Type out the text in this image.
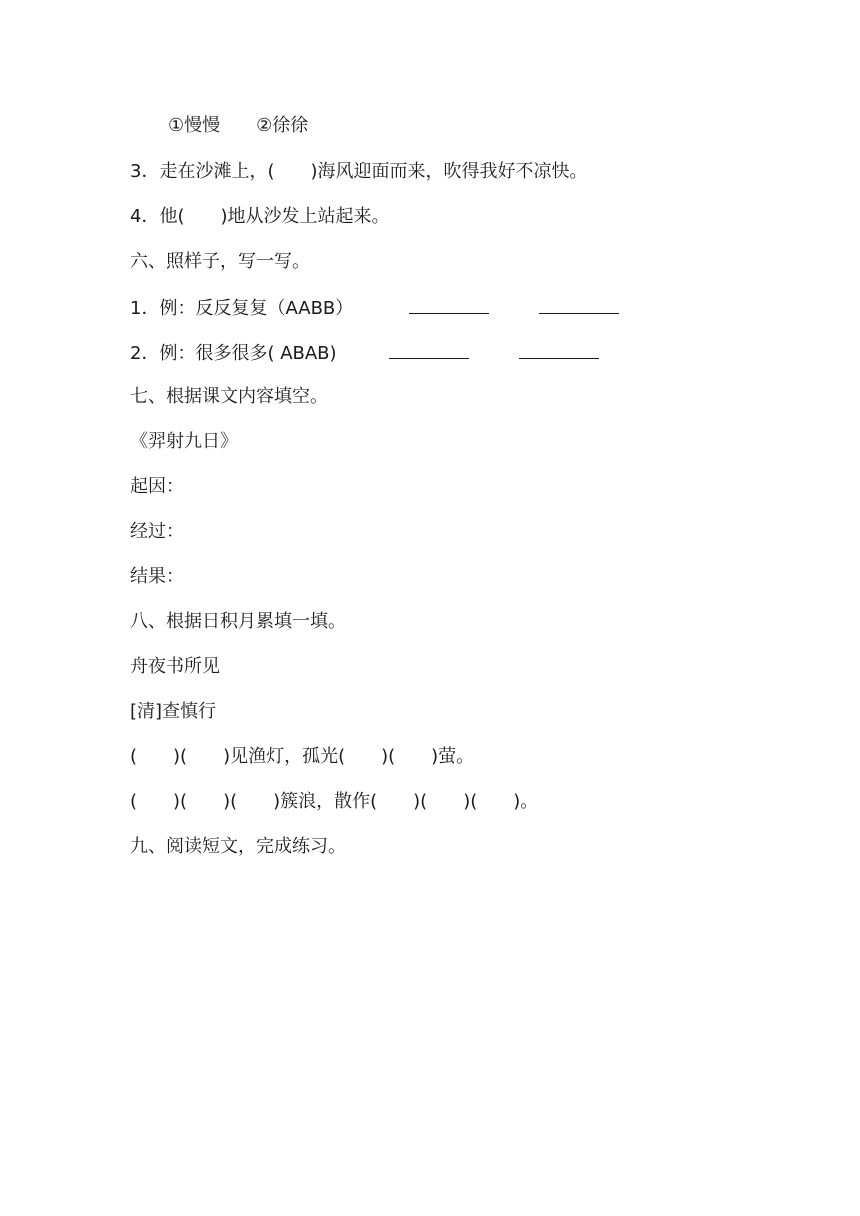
①慢慢　　②徐徐
3．走在沙滩上，(　　)海风迎面而来，吹得我好不凉快。
4．他(　　)地从沙发上站起来。
六、照样子，写一写。
1．例：反反复复（AABB）
2．例：很多很多( ABAB)
七、根据课文内容填空。
《羿射九日》
起因：
经过：
结果：
八、根据日积月累填一填。
舟夜书所见
[清]查慎行
(　　)(　　)见渔灯，孤光(　　)(　　)萤。
(　　)(　　)(　　)簇浪，散作(　　)(　　)(　　)。
九、阅读短文，完成练习。
